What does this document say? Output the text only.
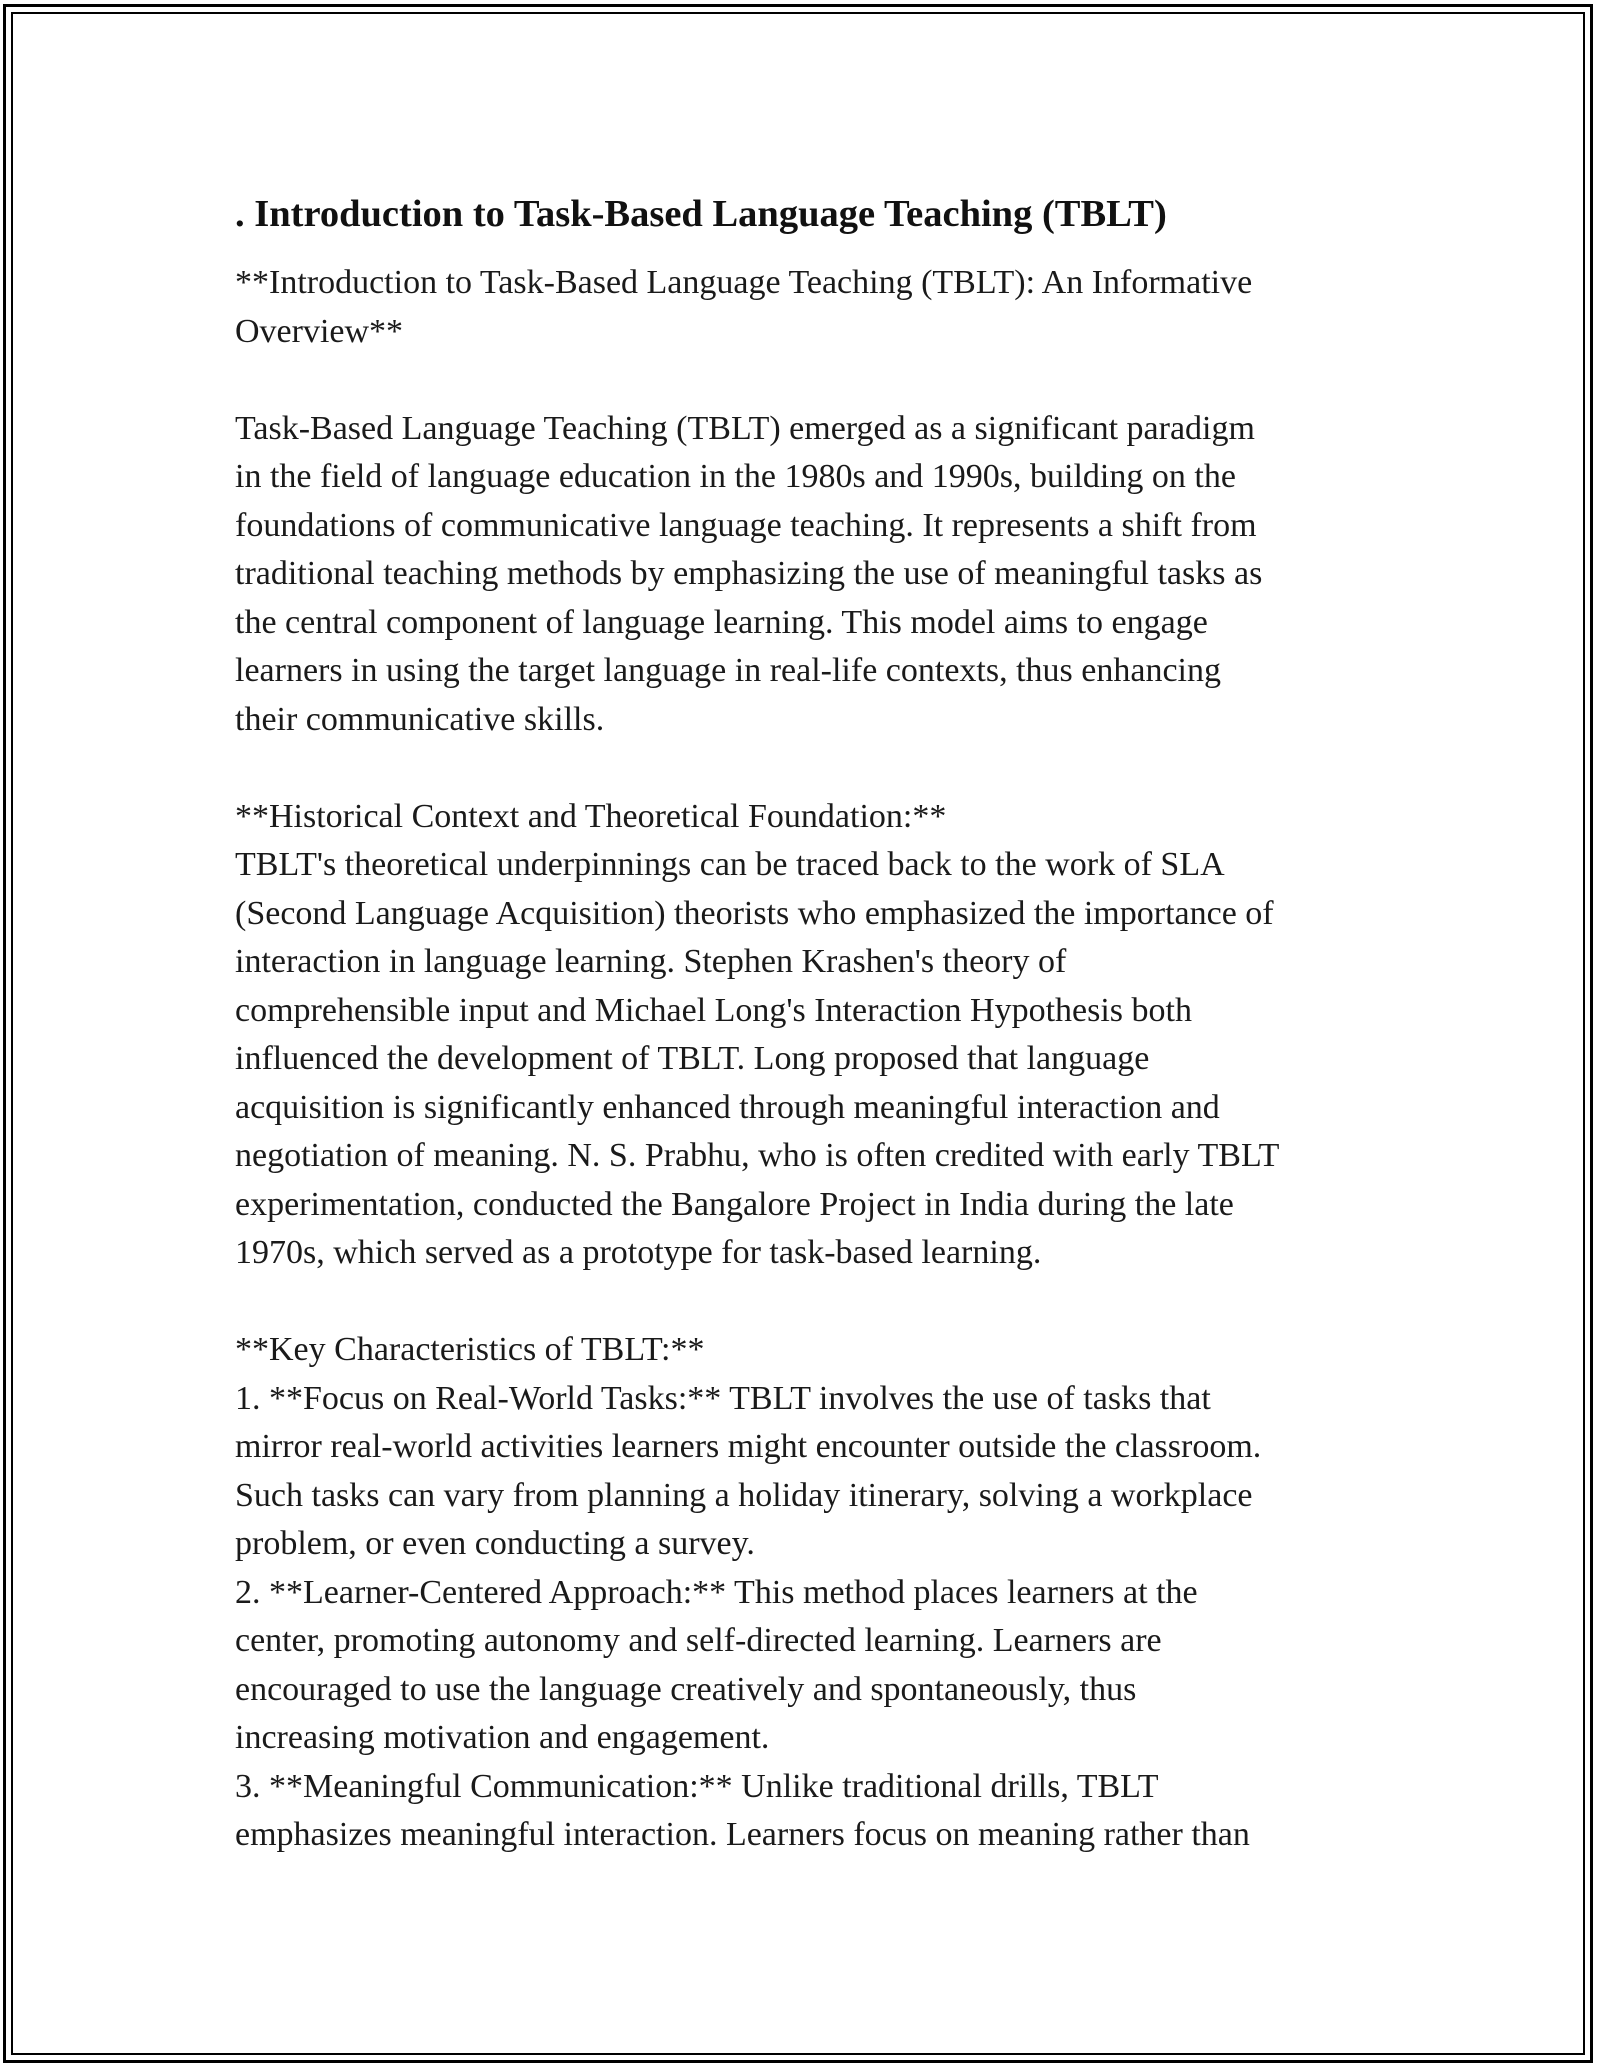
. Introduction to Task-Based Language Teaching (TBLT)

**Introduction to Task-Based Language Teaching (TBLT): An Informative
Overview**

Task-Based Language Teaching (TBLT) emerged as a significant paradigm
in the field of language education in the 1980s and 1990s, building on the
foundations of communicative language teaching. It represents a shift from
traditional teaching methods by emphasizing the use of meaningful tasks as
the central component of language learning. This model aims to engage
learners in using the target language in real-life contexts, thus enhancing
their communicative skills.

**Historical Context and Theoretical Foundation:**
TBLT's theoretical underpinnings can be traced back to the work of SLA
(Second Language Acquisition) theorists who emphasized the importance of
interaction in language learning. Stephen Krashen's theory of
comprehensible input and Michael Long's Interaction Hypothesis both
influenced the development of TBLT. Long proposed that language
acquisition is significantly enhanced through meaningful interaction and
negotiation of meaning. N. S. Prabhu, who is often credited with early TBLT
experimentation, conducted the Bangalore Project in India during the late
1970s, which served as a prototype for task-based learning.

**Key Characteristics of TBLT:**
1. **Focus on Real-World Tasks:** TBLT involves the use of tasks that
mirror real-world activities learners might encounter outside the classroom.
Such tasks can vary from planning a holiday itinerary, solving a workplace
problem, or even conducting a survey.
2. **Learner-Centered Approach:** This method places learners at the
center, promoting autonomy and self-directed learning. Learners are
encouraged to use the language creatively and spontaneously, thus
increasing motivation and engagement.
3. **Meaningful Communication:** Unlike traditional drills, TBLT
emphasizes meaningful interaction. Learners focus on meaning rather than
